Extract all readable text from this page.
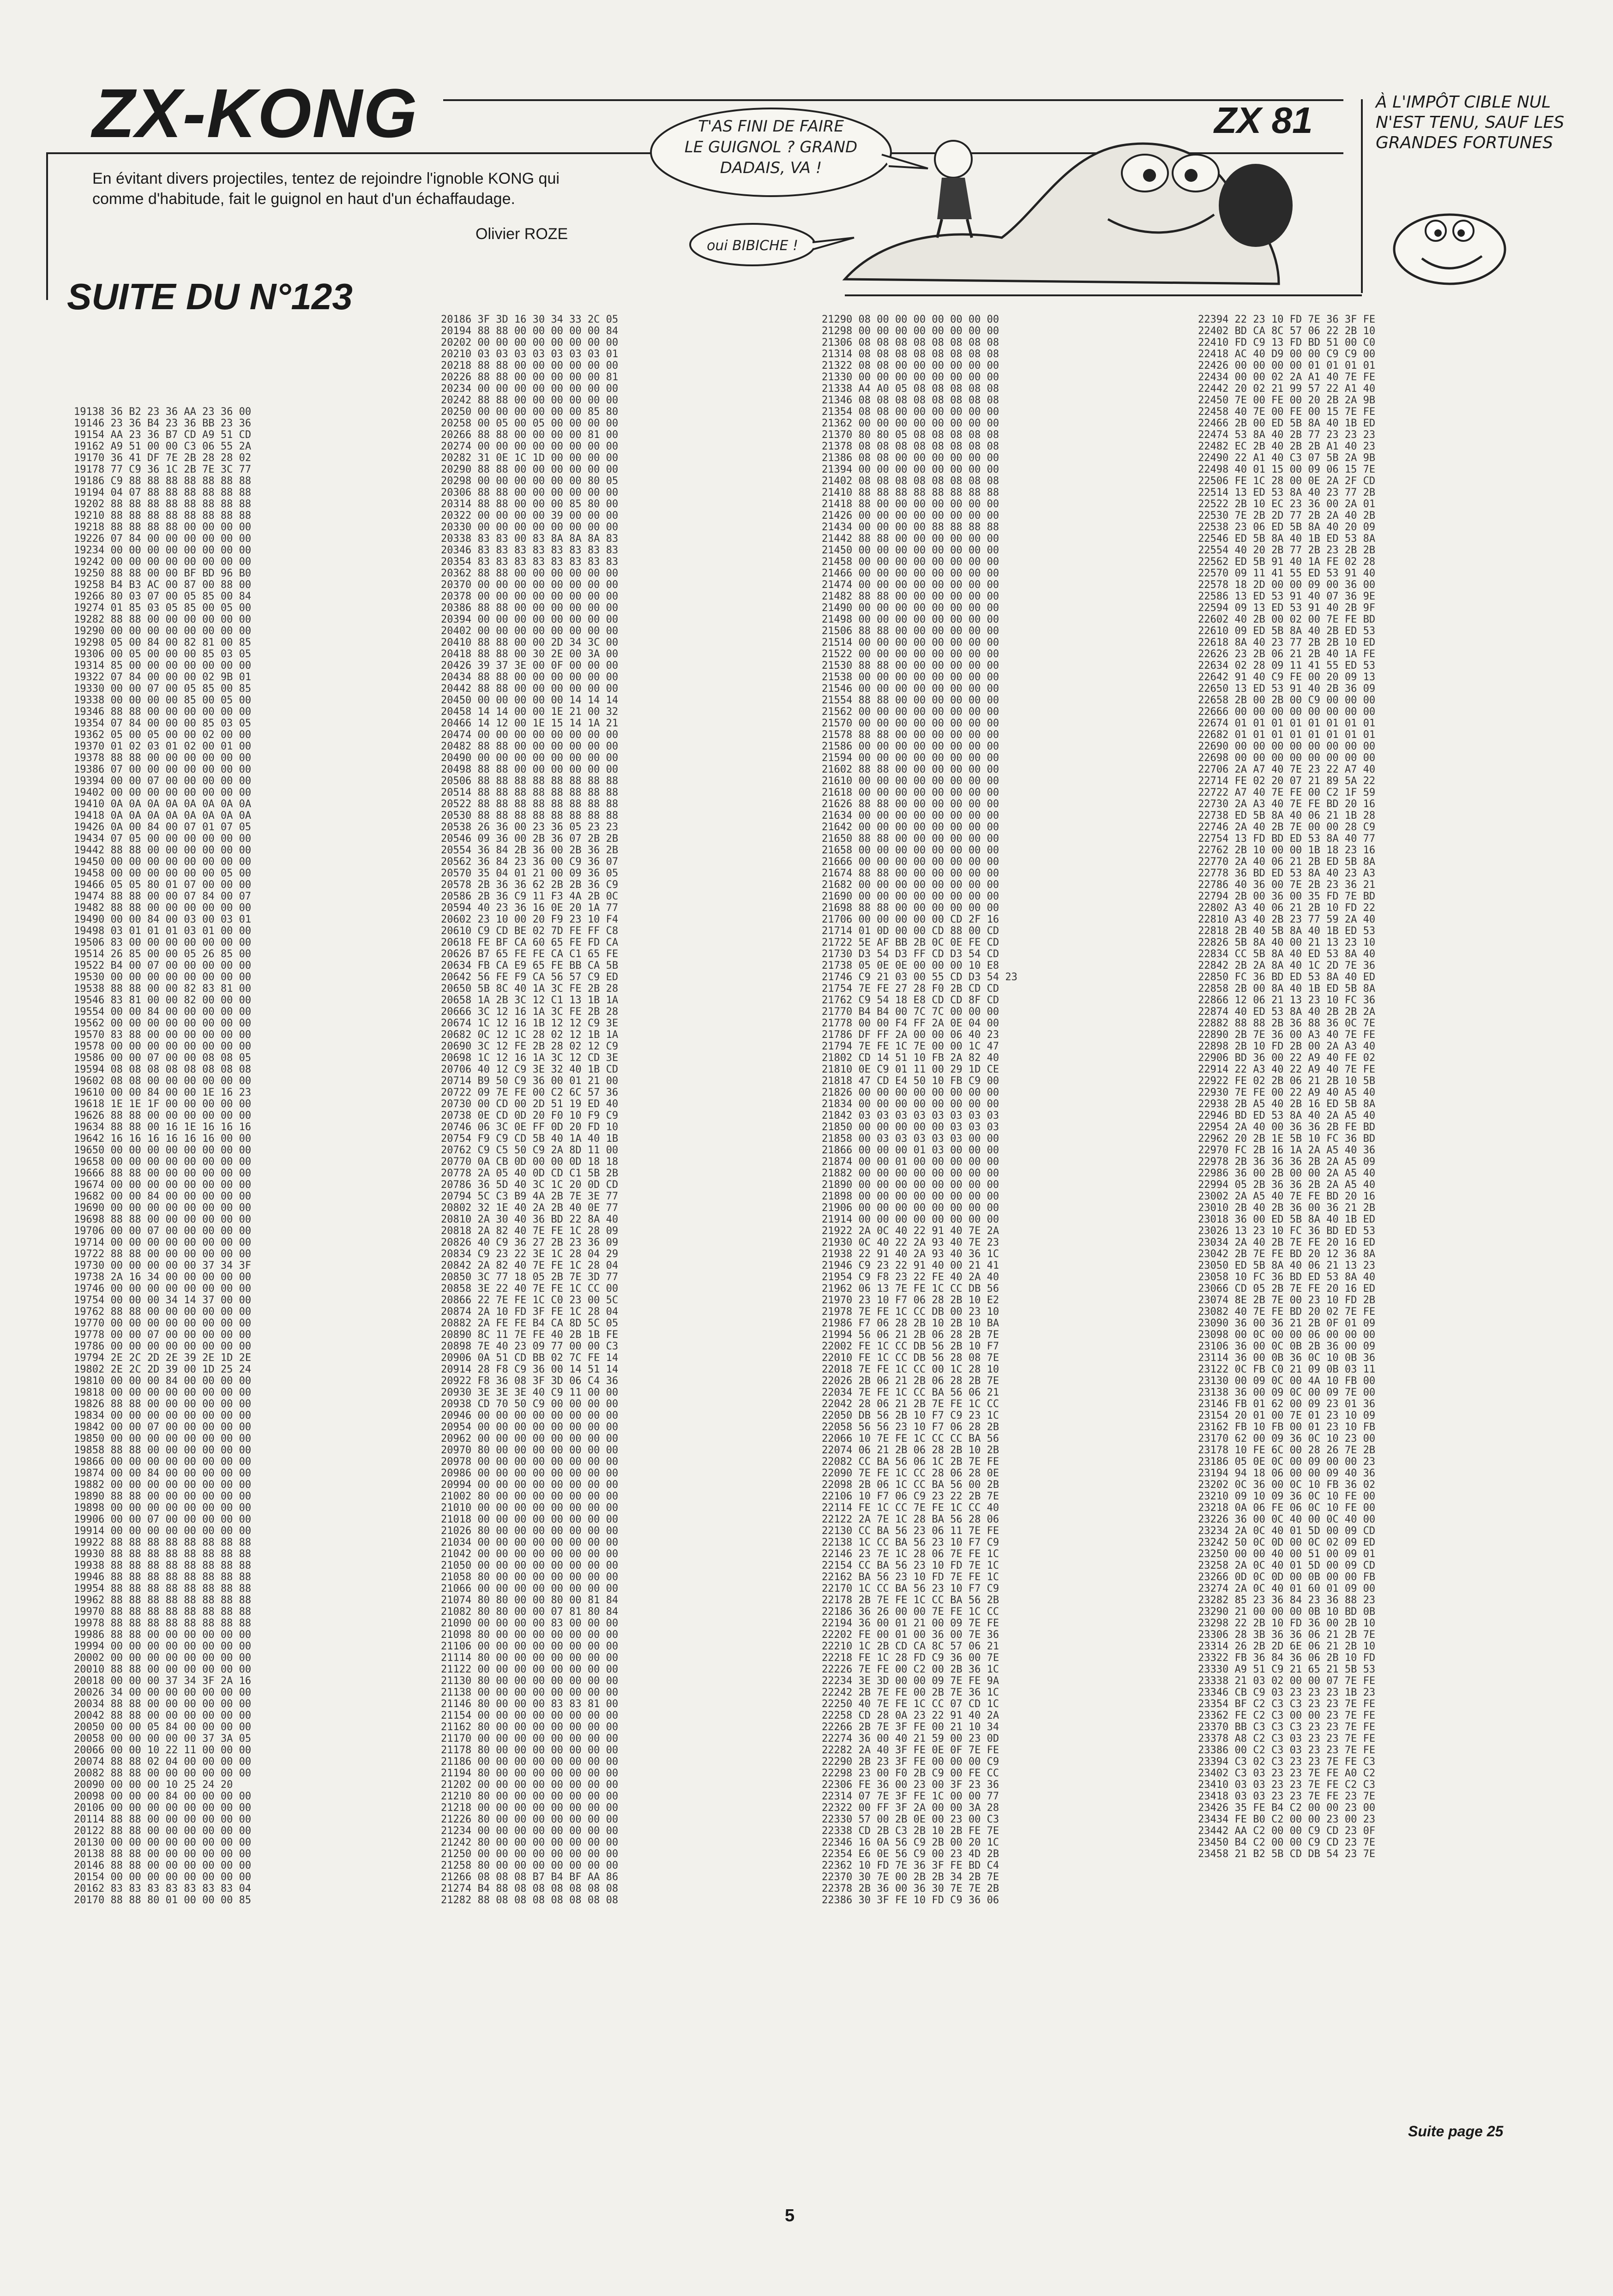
ZX-KONG
En évitant divers projectiles, tentez de rejoindre l'ignoble KONG qui comme d'habitude, fait le guignol en haut d'un échaffaudage.
Olivier ROZE
SUITE DU N°123
ZX 81
T'AS FINI DE FAIRE
LE GUIGNOL ? GRAND
DADAIS, VA !
oui BIBICHE !
À L'IMPÔT CIBLE NUL N'EST TENU, SAUF LES GRANDES FORTUNES
19138 36 B2 23 36 AA 23 36 00
19146 23 36 B4 23 36 BB 23 36
19154 AA 23 36 B7 CD A9 51 CD
19162 A9 51 00 00 C3 06 55 2A
19170 36 41 DF 7E 2B 28 28 02
19178 77 C9 36 1C 2B 7E 3C 77
19186 C9 88 88 88 88 88 88 88
19194 04 07 88 88 88 88 88 88
19202 88 88 88 88 88 88 88 88
19210 88 88 88 88 88 88 88 88
19218 88 88 88 88 00 00 00 00
19226 07 84 00 00 00 00 00 00
19234 00 00 00 00 00 00 00 00
19242 00 00 00 00 00 00 00 00
19250 88 88 00 00 BF BD 96 B0
19258 B4 B3 AC 00 87 00 88 00
19266 80 03 07 00 05 85 00 84
19274 01 85 03 05 85 00 05 00
19282 88 88 00 00 00 00 00 00
19290 00 00 00 00 00 00 00 00
19298 05 00 84 00 82 81 00 85
19306 00 05 00 00 00 85 03 05
19314 85 00 00 00 00 00 00 00
19322 07 84 00 00 00 02 9B 01
19330 00 00 07 00 05 85 00 85
19338 00 00 00 00 85 00 05 00
19346 88 88 00 00 00 00 00 00
19354 07 84 00 00 00 85 03 05
19362 05 00 05 00 00 02 00 00
19370 01 02 03 01 02 00 01 00
19378 88 88 00 00 00 00 00 00
19386 07 00 00 00 00 00 00 00
19394 00 00 07 00 00 00 00 00
19402 00 00 00 00 00 00 00 00
19410 0A 0A 0A 0A 0A 0A 0A 0A
19418 0A 0A 0A 0A 0A 0A 0A 0A
19426 0A 00 84 00 07 01 07 05
19434 07 05 00 00 00 00 00 00
19442 88 88 00 00 00 00 00 00
19450 00 00 00 00 00 00 00 00
19458 00 00 00 00 00 00 05 00
19466 05 05 80 01 07 00 00 00
19474 88 88 00 00 07 84 00 07
19482 88 88 00 00 00 00 00 00
19490 00 00 84 00 03 00 03 01
19498 03 01 01 01 03 01 00 00
19506 83 00 00 00 00 00 00 00
19514 26 85 00 00 05 26 85 00
19522 B4 00 07 00 00 00 00 00
19530 00 00 00 00 00 00 00 00
19538 88 88 00 00 82 83 81 00
19546 83 81 00 00 82 00 00 00
19554 00 00 84 00 00 00 00 00
19562 00 00 00 00 00 00 00 00
19570 83 88 00 00 00 00 00 00
19578 00 00 00 00 00 00 00 00
19586 00 00 07 00 00 08 08 05
19594 08 08 08 08 08 08 08 08
19602 08 08 00 00 00 00 00 00
19610 00 00 84 00 00 1E 16 23
19618 1E 1E 1F 00 00 00 00 00
19626 88 88 00 00 00 00 00 00
19634 88 88 00 16 1E 16 16 16
19642 16 16 16 16 16 16 00 00
19650 00 00 00 00 00 00 00 00
19658 00 00 00 00 00 00 00 00
19666 88 88 00 00 00 00 00 00
19674 00 00 00 00 00 00 00 00
19682 00 00 84 00 00 00 00 00
19690 00 00 00 00 00 00 00 00
19698 88 88 00 00 00 00 00 00
19706 00 00 07 00 00 00 00 00
19714 00 00 00 00 00 00 00 00
19722 88 88 00 00 00 00 00 00
19730 00 00 00 00 00 37 34 3F
19738 2A 16 34 00 00 00 00 00
19746 00 00 00 00 00 00 00 00
19754 00 00 00 34 14 37 00 00
19762 88 88 00 00 00 00 00 00
19770 00 00 00 00 00 00 00 00
19778 00 00 07 00 00 00 00 00
19786 00 00 00 00 00 00 00 00
19794 2E 2C 2D 2E 39 2E 1D 2E
19802 2E 2C 2D 39 00 1D 25 24
19810 00 00 00 84 00 00 00 00
19818 00 00 00 00 00 00 00 00
19826 88 88 00 00 00 00 00 00
19834 00 00 00 00 00 00 00 00
19842 00 00 07 00 00 00 00 00
19850 00 00 00 00 00 00 00 00
19858 88 88 00 00 00 00 00 00
19866 00 00 00 00 00 00 00 00
19874 00 00 84 00 00 00 00 00
19882 00 00 00 00 00 00 00 00
19890 88 88 00 00 00 00 00 00
19898 00 00 00 00 00 00 00 00
19906 00 00 07 00 00 00 00 00
19914 00 00 00 00 00 00 00 00
19922 88 88 88 88 88 88 88 88
19930 88 88 88 88 88 88 88 88
19938 88 88 88 88 88 88 88 88
19946 88 88 88 88 88 88 88 88
19954 88 88 88 88 88 88 88 88
19962 88 88 88 88 88 88 88 88
19970 88 88 88 88 88 88 88 88
19978 88 88 88 88 88 88 88 88
19986 88 88 00 00 00 00 00 00
19994 00 00 00 00 00 00 00 00
20002 00 00 00 00 00 00 00 00
20010 88 88 00 00 00 00 00 00
20018 00 00 00 37 34 3F 2A 16
20026 34 00 00 00 00 00 00 00
20034 88 88 00 00 00 00 00 00
20042 88 88 00 00 00 00 00 00
20050 00 00 05 84 00 00 00 00
20058 00 00 00 00 00 37 3A 05
20066 00 00 10 22 11 00 00 00
20074 88 88 02 04 00 00 00 00
20082 88 88 00 00 00 00 00 00
20090 00 00 00 10 25 24 20
20098 00 00 00 84 00 00 00 00
20106 00 00 00 00 00 00 00 00
20114 88 88 00 00 00 00 00 00
20122 88 88 00 00 00 00 00 00
20130 00 00 00 00 00 00 00 00
20138 88 88 00 00 00 00 00 00
20146 88 88 00 00 00 00 00 00
20154 00 00 00 00 00 00 00 00
20162 83 83 83 83 83 83 83 04
20170 88 88 80 01 00 00 00 85
20186 3F 3D 16 30 34 33 2C 05
20194 88 88 00 00 00 00 00 84
20202 00 00 00 00 00 00 00 00
20210 03 03 03 03 03 03 03 01
20218 88 88 00 00 00 00 00 00
20226 88 88 00 00 00 00 00 81
20234 00 00 00 00 00 00 00 00
20242 88 88 00 00 00 00 00 00
20250 00 00 00 00 00 00 85 80
20258 00 05 00 05 00 00 00 00
20266 88 88 00 00 00 00 81 00
20274 00 00 00 00 00 00 00 00
20282 31 0E 1C 1D 00 00 00 00
20290 88 88 00 00 00 00 00 00
20298 00 00 00 00 00 00 80 05
20306 88 88 00 00 00 00 00 00
20314 88 88 00 00 00 85 80 00
20322 00 00 00 00 39 00 00 00
20330 00 00 00 00 00 00 00 00
20338 83 83 00 83 8A 8A 8A 83
20346 83 83 83 83 83 83 83 83
20354 83 83 83 83 83 83 83 83
20362 88 88 00 00 00 00 00 00
20370 00 00 00 00 00 00 00 00
20378 00 00 00 00 00 00 00 00
20386 88 88 00 00 00 00 00 00
20394 00 00 00 00 00 00 00 00
20402 00 00 00 00 00 00 00 00
20410 88 88 00 00 2D 34 3C 00
20418 88 88 00 30 2E 00 3A 00
20426 39 37 3E 00 0F 00 00 00
20434 88 88 00 00 00 00 00 00
20442 88 88 00 00 00 00 00 00
20450 00 00 00 00 00 14 14 14
20458 14 14 00 00 1E 21 00 32
20466 14 12 00 1E 15 14 1A 21
20474 00 00 00 00 00 00 00 00
20482 88 88 00 00 00 00 00 00
20490 00 00 00 00 00 00 00 00
20498 88 88 00 00 00 00 00 00
20506 88 88 88 88 88 88 88 88
20514 88 88 88 88 88 88 88 88
20522 88 88 88 88 88 88 88 88
20530 88 88 88 88 88 88 88 88
20538 26 36 00 23 36 05 23 23
20546 09 36 00 2B 36 07 2B 2B
20554 36 84 2B 36 00 2B 36 2B
20562 36 84 23 36 00 C9 36 07
20570 35 04 01 21 00 09 36 05
20578 2B 36 36 62 2B 2B 36 C9
20586 2B 36 C9 11 F3 4A 2B 0C
20594 40 23 36 16 0E 20 1A 77
20602 23 10 00 20 F9 23 10 F4
20610 C9 CD BE 02 7D FE FF C8
20618 FE BF CA 60 65 FE FD CA
20626 B7 65 FE FE CA C1 65 FE
20634 FB CA E9 65 FE BB CA 5B
20642 56 FE F9 CA 56 57 C9 ED
20650 5B 8C 40 1A 3C FE 2B 28
20658 1A 2B 3C 12 C1 13 1B 1A
20666 3C 12 16 1A 3C FE 2B 28
20674 1C 12 16 1B 12 12 C9 3E
20682 0C 12 1C 28 02 12 1B 1A
20690 3C 12 FE 2B 28 02 12 C9
20698 1C 12 16 1A 3C 12 CD 3E
20706 40 12 C9 3E 32 40 1B CD
20714 B9 50 C9 36 00 01 21 00
20722 09 7E FE 00 C2 6C 57 36
20730 00 CD 00 2D 51 19 ED 40
20738 0E CD 0D 20 F0 10 F9 C9
20746 06 3C 0E FF 0D 20 FD 10
20754 F9 C9 CD 5B 40 1A 40 1B
20762 C9 C5 50 C9 2A 8D 11 00
20770 0A CB 0D 00 00 0D 18 18
20778 2A 05 40 0D CD C1 5B 2B
20786 36 5D 40 3C 1C 20 0D CD
20794 5C C3 B9 4A 2B 7E 3E 77
20802 32 1E 40 2A 2B 40 0E 77
20810 2A 30 40 36 BD 22 8A 40
20818 2A 82 40 7E FE 1C 28 09
20826 40 C9 36 27 2B 23 36 09
20834 C9 23 22 3E 1C 28 04 29
20842 2A 82 40 7E FE 1C 28 04
20850 3C 77 18 05 2B 7E 3D 77
20858 3E 22 40 7E FE 1C CC 00
20866 22 7E FE 1C C0 23 00 5C
20874 2A 10 FD 3F FE 1C 28 04
20882 2A FE FE B4 CA 8D 5C 05
20890 8C 11 7E FE 40 2B 1B FE
20898 7E 40 23 09 77 00 00 C3
20906 0A 51 CD BB 02 7C FE 14
20914 28 F8 C9 36 00 14 51 14
20922 F8 36 08 3F 3D 06 C4 36
20930 3E 3E 3E 40 C9 11 00 00
20938 CD 70 50 C9 00 00 00 00
20946 00 00 00 00 00 00 00 00
20954 00 00 00 00 00 00 00 00
20962 00 00 00 00 00 00 00 00
20970 80 00 00 00 00 00 00 00
20978 00 00 00 00 00 00 00 00
20986 00 00 00 00 00 00 00 00
20994 00 00 00 00 00 00 00 00
21002 80 00 00 00 00 00 00 00
21010 00 00 00 00 00 00 00 00
21018 00 00 00 00 00 00 00 00
21026 80 00 00 00 00 00 00 00
21034 00 00 00 00 00 00 00 00
21042 00 00 00 00 00 00 00 00
21050 00 00 00 00 00 00 00 00
21058 80 00 00 00 00 00 00 00
21066 00 00 00 00 00 00 00 00
21074 80 80 00 00 80 00 81 84
21082 80 80 00 00 07 81 80 84
21090 00 00 00 00 83 00 00 00
21098 80 00 00 00 00 00 00 00
21106 00 00 00 00 00 00 00 00
21114 80 00 00 00 00 00 00 00
21122 00 00 00 00 00 00 00 00
21130 80 00 00 00 00 00 00 00
21138 00 00 00 00 00 00 00 00
21146 80 00 00 00 83 83 81 00
21154 00 00 00 00 00 00 00 00
21162 80 00 00 00 00 00 00 00
21170 00 00 00 00 00 00 00 00
21178 80 00 00 00 00 00 00 00
21186 00 00 00 00 00 00 00 00
21194 80 00 00 00 00 00 00 00
21202 00 00 00 00 00 00 00 00
21210 80 00 00 00 00 00 00 00
21218 00 00 00 00 00 00 00 00
21226 80 00 00 00 00 00 00 00
21234 00 00 00 00 00 00 00 00
21242 80 00 00 00 00 00 00 00
21250 00 00 00 00 00 00 00 00
21258 80 00 00 00 00 00 00 00
21266 08 08 08 B7 B4 BF AA 86
21274 B4 88 08 08 08 08 08 08
21282 88 08 08 08 08 08 08 08
21290 08 00 00 00 00 00 00 00
21298 00 00 00 00 00 00 00 00
21306 08 08 08 08 08 08 08 08
21314 08 08 08 08 08 08 08 08
21322 08 08 00 00 00 00 00 00
21330 00 00 00 00 00 00 00 00
21338 A4 A0 05 08 08 08 08 08
21346 08 08 08 08 08 08 08 08
21354 08 08 00 00 00 00 00 00
21362 00 00 00 00 00 00 00 00
21370 80 80 05 08 08 08 08 08
21378 08 08 08 08 08 08 08 08
21386 08 08 00 00 00 00 00 00
21394 00 00 00 00 00 00 00 00
21402 08 08 08 08 08 08 08 08
21410 88 88 88 88 88 88 88 88
21418 88 00 00 00 00 00 00 00
21426 00 00 00 00 00 00 00 00
21434 00 00 00 00 88 88 88 88
21442 88 88 00 00 00 00 00 00
21450 00 00 00 00 00 00 00 00
21458 00 00 00 00 00 00 00 00
21466 00 00 00 00 00 00 00 00
21474 00 00 00 00 00 00 00 00
21482 88 88 00 00 00 00 00 00
21490 00 00 00 00 00 00 00 00
21498 00 00 00 00 00 00 00 00
21506 88 88 00 00 00 00 00 00
21514 00 00 00 00 00 00 00 00
21522 00 00 00 00 00 00 00 00
21530 88 88 00 00 00 00 00 00
21538 00 00 00 00 00 00 00 00
21546 00 00 00 00 00 00 00 00
21554 88 88 00 00 00 00 00 00
21562 00 00 00 00 00 00 00 00
21570 00 00 00 00 00 00 00 00
21578 88 88 00 00 00 00 00 00
21586 00 00 00 00 00 00 00 00
21594 00 00 00 00 00 00 00 00
21602 88 88 00 00 00 00 00 00
21610 00 00 00 00 00 00 00 00
21618 00 00 00 00 00 00 00 00
21626 88 88 00 00 00 00 00 00
21634 00 00 00 00 00 00 00 00
21642 00 00 00 00 00 00 00 00
21650 88 88 00 00 00 00 00 00
21658 00 00 00 00 00 00 00 00
21666 00 00 00 00 00 00 00 00
21674 88 88 00 00 00 00 00 00
21682 00 00 00 00 00 00 00 00
21690 00 00 00 00 00 00 00 00
21698 88 88 00 00 00 00 00 00
21706 00 00 00 00 00 CD 2F 16
21714 01 0D 00 00 CD 88 00 CD
21722 5E AF BB 2B 0C 0E FE CD
21730 D3 54 D3 FF CD D3 54 CD
21738 05 0E 0E 00 00 00 10 E8
21746 C9 21 03 00 55 CD D3 54 23
21754 7E FE 27 28 F0 2B CD CD
21762 C9 54 18 E8 CD CD 8F CD
21770 B4 B4 00 7C 7C 00 00 00
21778 00 00 F4 FF 2A 0E 04 00
21786 DF FF 2A 00 00 06 40 23
21794 7E FE 1C 7E 00 00 1C 47
21802 CD 14 51 10 FB 2A 82 40
21810 0E C9 01 11 00 29 1D CE
21818 47 CD E4 50 10 FB C9 00
21826 00 00 00 00 00 00 00 00
21834 00 00 00 00 00 00 00 00
21842 03 03 03 03 03 03 03 03
21850 00 00 00 00 00 03 03 03
21858 00 03 03 03 03 03 00 00
21866 00 00 00 01 03 00 00 00
21874 00 00 01 00 00 00 00 00
21882 00 00 00 00 00 00 00 00
21890 00 00 00 00 00 00 00 00
21898 00 00 00 00 00 00 00 00
21906 00 00 00 00 00 00 00 00
21914 00 00 00 00 00 00 00 00
21922 2A 0C 40 22 91 40 7E 2A
21930 0C 40 22 2A 93 40 7E 23
21938 22 91 40 2A 93 40 36 1C
21946 C9 23 22 91 40 00 21 41
21954 C9 F8 23 22 FE 40 2A 40
21962 06 13 7E FE 1C CC DB 56
21970 23 10 F7 06 28 2B 10 E2
21978 7E FE 1C CC DB 00 23 10
21986 F7 06 28 2B 10 2B 10 BA
21994 56 06 21 2B 06 28 2B 7E
22002 FE 1C CC DB 56 2B 10 F7
22010 FE 1C CC DB 56 28 08 7E
22018 7E FE 1C CC 00 1C 28 10
22026 2B 06 21 2B 06 28 2B 7E
22034 7E FE 1C CC BA 56 06 21
22042 28 06 21 2B 7E FE 1C CC
22050 DB 56 2B 10 F7 C9 23 1C
22058 56 56 23 10 F7 06 28 2B
22066 10 7E FE 1C CC CC BA 56
22074 06 21 2B 06 28 2B 10 2B
22082 CC BA 56 06 1C 2B 7E FE
22090 7E FE 1C CC 28 06 28 0E
22098 2B 06 1C CC BA 56 00 2B
22106 10 F7 06 C9 23 22 2B 7E
22114 FE 1C CC 7E FE 1C CC 40
22122 2A 7E 1C 28 BA 56 28 06
22130 CC BA 56 23 06 11 7E FE
22138 1C CC BA 56 23 10 F7 C9
22146 23 7E 1C 28 06 7E FE 1C
22154 CC BA 56 23 10 FD 7E 1C
22162 BA 56 23 10 FD 7E FE 1C
22170 1C CC BA 56 23 10 F7 C9
22178 2B 7E FE 1C CC BA 56 2B
22186 36 26 00 00 7E FE 1C CC
22194 36 00 01 21 00 09 7E FE
22202 FE 00 01 00 36 00 7E 36
22210 1C 2B CD CA 8C 57 06 21
22218 FE 1C 28 FD C9 36 00 7E
22226 7E FE 00 C2 00 2B 36 1C
22234 3E 3D 00 00 09 7E FE 9A
22242 2B 7E FE 00 2B 7E 36 1C
22250 40 7E FE 1C CC 07 CD 1C
22258 CD 28 0A 23 22 91 40 2A
22266 2B 7E 3F FE 00 21 10 34
22274 36 00 40 21 59 00 23 0D
22282 2A 40 3F FE 0E 0F 7E FE
22290 2B 23 3F FE 00 00 00 C9
22298 23 00 F0 2B C9 00 FE CC
22306 FE 36 00 23 00 3F 23 36
22314 07 7E 3F FE 1C 00 00 77
22322 00 FF 3F 2A 00 00 3A 28
22330 57 00 2B 0E 00 23 00 C3
22338 CD 2B C3 2B 10 2B FE 7E
22346 16 0A 56 C9 2B 00 20 1C
22354 E6 0E 56 C9 00 23 4D 2B
22362 10 FD 7E 36 3F FE BD C4
22370 30 7E 00 2B 2B 34 2B 7E
22378 2B 36 00 36 30 7E 7E 2B
22386 30 3F FE 10 FD C9 36 06
22394 22 23 10 FD 7E 36 3F FE
22402 BD CA 8C 57 06 22 2B 10
22410 FD C9 13 FD BD 51 00 C0
22418 AC 40 D9 00 00 C9 C9 00
22426 00 00 00 00 01 01 01 01
22434 00 00 02 2A A1 40 7E FE
22442 20 02 21 99 57 22 A1 40
22450 7E 00 FE 00 20 2B 2A 9B
22458 40 7E 00 FE 00 15 7E FE
22466 2B 00 ED 5B 8A 40 1B ED
22474 53 8A 40 2B 77 23 23 23
22482 EC 2B 40 2B 2B A1 40 23
22490 22 A1 40 C3 07 5B 2A 9B
22498 40 01 15 00 09 06 15 7E
22506 FE 1C 28 00 0E 2A 2F CD
22514 13 ED 53 8A 40 23 77 2B
22522 2B 10 EC 23 36 00 2A 01
22530 7E 2B 2D 77 2B 2A 40 2B
22538 23 06 ED 5B 8A 40 20 09
22546 ED 5B 8A 40 1B ED 53 8A
22554 40 20 2B 77 2B 23 2B 2B
22562 ED 5B 91 40 1A FE 02 28
22570 09 11 41 55 ED 53 91 40
22578 18 2D 00 00 09 00 36 00
22586 13 ED 53 91 40 07 36 9E
22594 09 13 ED 53 91 40 2B 9F
22602 40 2B 00 02 00 7E FE BD
22610 09 ED 5B 8A 40 2B ED 53
22618 8A 40 23 77 2B 2B 10 ED
22626 23 2B 06 21 2B 40 1A FE
22634 02 28 09 11 41 55 ED 53
22642 91 40 C9 FE 00 20 09 13
22650 13 ED 53 91 40 2B 36 09
22658 2B 00 2B 00 C9 00 00 00
22666 00 00 00 00 00 00 00 00
22674 01 01 01 01 01 01 01 01
22682 01 01 01 01 01 01 01 01
22690 00 00 00 00 00 00 00 00
22698 00 00 00 00 00 00 00 00
22706 2A A7 40 7E 23 22 A7 40
22714 FE 02 20 07 21 89 5A 22
22722 A7 40 7E FE 00 C2 1F 59
22730 2A A3 40 7E FE BD 20 16
22738 ED 5B 8A 40 06 21 1B 28
22746 2A 40 2B 7E 00 00 28 C9
22754 13 FD BD ED 53 8A 40 77
22762 2B 10 00 00 1B 18 23 16
22770 2A 40 06 21 2B ED 5B 8A
22778 36 BD ED 53 8A 40 23 A3
22786 40 36 00 7E 2B 23 36 21
22794 2B 00 36 00 35 FD 7E BD
22802 A3 40 06 21 2B 10 FD 22
22810 A3 40 2B 23 77 59 2A 40
22818 2B 40 5B 8A 40 1B ED 53
22826 5B 8A 40 00 21 13 23 10
22834 CC 5B 8A 40 ED 53 8A 40
22842 2B 2A 8A 40 1C 2D 7E 36
22850 FC 36 BD ED 53 8A 40 ED
22858 2B 00 8A 40 1B ED 5B 8A
22866 12 06 21 13 23 10 FC 36
22874 40 ED 53 8A 40 2B 2B 2A
22882 88 88 2B 36 88 36 0C 7E
22890 2B 7E 36 00 A3 40 7E FE
22898 2B 10 FD 2B 00 2A A3 40
22906 BD 36 00 22 A9 40 FE 02
22914 22 A3 40 22 A9 40 7E FE
22922 FE 02 2B 06 21 2B 10 5B
22930 7E FE 00 22 A9 40 A5 40
22938 2B A5 40 2B 16 ED 5B 8A
22946 BD ED 53 8A 40 2A A5 40
22954 2A 40 00 36 36 2B FE BD
22962 20 2B 1E 5B 10 FC 36 BD
22970 FC 2B 16 1A 2A A5 40 36
22978 2B 36 36 36 2B 2A A5 09
22986 36 00 2B 00 00 2A A5 40
22994 05 2B 36 36 2B 2A A5 40
23002 2A A5 40 7E FE BD 20 16
23010 2B 40 2B 36 00 36 21 2B
23018 36 00 ED 5B 8A 40 1B ED
23026 13 23 10 FC 36 BD ED 53
23034 2A 40 2B 7E FE 20 16 ED
23042 2B 7E FE BD 20 12 36 8A
23050 ED 5B 8A 40 06 21 13 23
23058 10 FC 36 BD ED 53 8A 40
23066 CD 05 2B 7E FE 20 16 ED
23074 8E 2B 7E 00 23 10 FD 2B
23082 40 7E FE BD 20 02 7E FE
23090 36 00 36 21 2B 0F 01 09
23098 00 0C 00 00 06 00 00 00
23106 36 00 0C 0B 2B 36 00 09
23114 36 00 0B 36 0C 10 0B 36
23122 0C FB C0 21 09 0B 03 11
23130 00 09 0C 00 4A 10 FB 00
23138 36 00 09 0C 00 09 7E 00
23146 FB 01 62 00 09 23 01 36
23154 20 01 00 7E 01 23 10 09
23162 FB 10 FB 00 01 23 10 FB
23170 62 00 09 36 0C 10 23 00
23178 10 FE 6C 00 28 26 7E 2B
23186 05 0E 0C 00 09 00 00 23
23194 94 18 06 00 00 09 40 36
23202 0C 36 00 0C 10 FB 36 02
23210 09 10 09 36 0C 10 FE 00
23218 0A 06 FE 06 0C 10 FE 00
23226 36 00 0C 40 00 0C 40 00
23234 2A 0C 40 01 5D 00 09 CD
23242 50 0C 0D 00 0C 02 09 ED
23250 00 00 40 00 51 00 09 01
23258 2A 0C 40 01 5D 00 09 CD
23266 0D 0C 0D 00 0B 00 00 FB
23274 2A 0C 40 01 60 01 09 00
23282 85 23 36 84 23 36 88 23
23290 21 00 00 00 0B 10 BD 0B
23298 22 2B 10 FD 36 00 2B 10
23306 28 3B 36 36 06 21 2B 7E
23314 26 2B 2D 6E 06 21 2B 10
23322 FB 36 84 36 06 2B 10 FD
23330 A9 51 C9 21 65 21 5B 53
23338 21 03 02 00 00 07 7E FE
23346 CB C9 03 23 23 23 1B 23
23354 BF C2 C3 C3 23 23 7E FE
23362 FE C2 C3 00 00 23 7E FE
23370 BB C3 C3 C3 23 23 7E FE
23378 A8 C2 C3 03 23 23 7E FE
23386 00 C2 C3 03 23 23 7E FE
23394 C3 02 C3 23 23 7E FE C3
23402 C3 03 23 23 7E FE A0 C2
23410 03 03 23 23 7E FE C2 C3
23418 03 03 23 23 7E FE 23 7E
23426 35 FE B4 C2 00 00 23 00
23434 FE B0 C2 00 00 23 00 23
23442 AA C2 00 00 C9 CD 23 0F
23450 B4 C2 00 00 C9 CD 23 7E
23458 21 B2 5B CD DB 54 23 7E
Suite page 25
5
